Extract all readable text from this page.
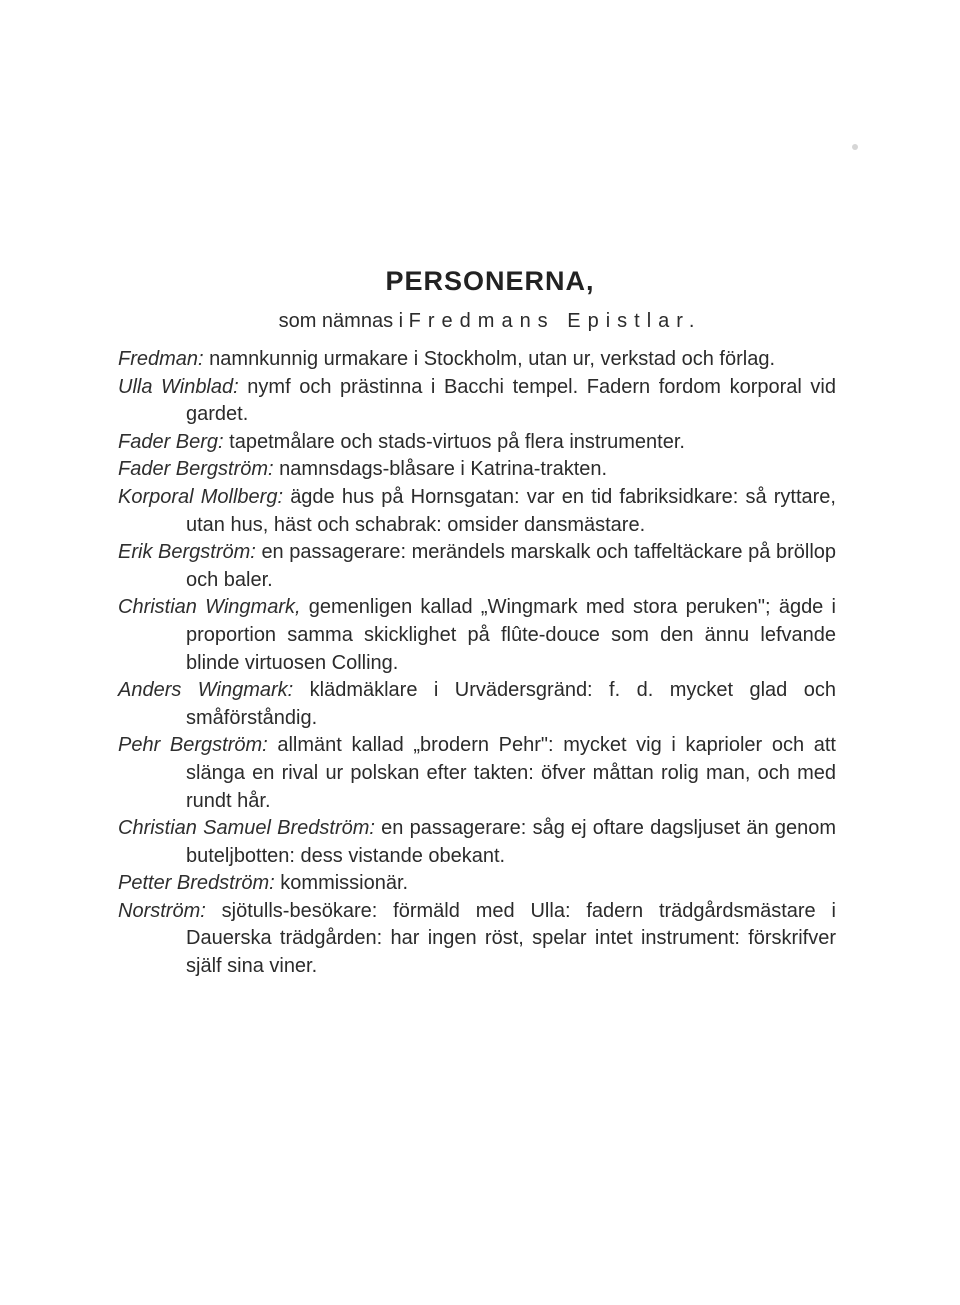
PERSONERNA,
som nämnas i Fredmans Epistlar.
Fredman: namnkunnig urmakare i Stockholm, utan ur, verkstad och förlag.
Ulla Winblad: nymf och prästinna i Bacchi tempel. Fadern fordom korporal vid gardet.
Fader Berg: tapetmålare och stads-virtuos på flera instrumenter.
Fader Bergström: namnsdags-blåsare i Katrina-trakten.
Korporal Mollberg: ägde hus på Hornsgatan: var en tid fabriksidkare: så ryttare, utan hus, häst och schabrak: omsider dansmästare.
Erik Bergström: en passagerare: merändels marskalk och taffeltäckare på bröllop och baler.
Christian Wingmark, gemenligen kallad „Wingmark med stora peruken"; ägde i proportion samma skicklighet på flûte-douce som den ännu lefvande blinde virtuosen Colling.
Anders Wingmark: klädmäklare i Urvädersgränd: f. d. mycket glad och småförståndig.
Pehr Bergström: allmänt kallad „brodern Pehr": mycket vig i kaprioler och att slänga en rival ur polskan efter takten: öfver måttan rolig man, och med rundt hår.
Christian Samuel Bredström: en passagerare: såg ej oftare dagsljuset än genom buteljbotten: dess vistande obekant.
Petter Bredström: kommissionär.
Norström: sjötulls-besökare: förmäld med Ulla: fadern trädgårdsmästare i Dauerska trädgården: har ingen röst, spelar intet instrument: förskrifver själf sina viner.
